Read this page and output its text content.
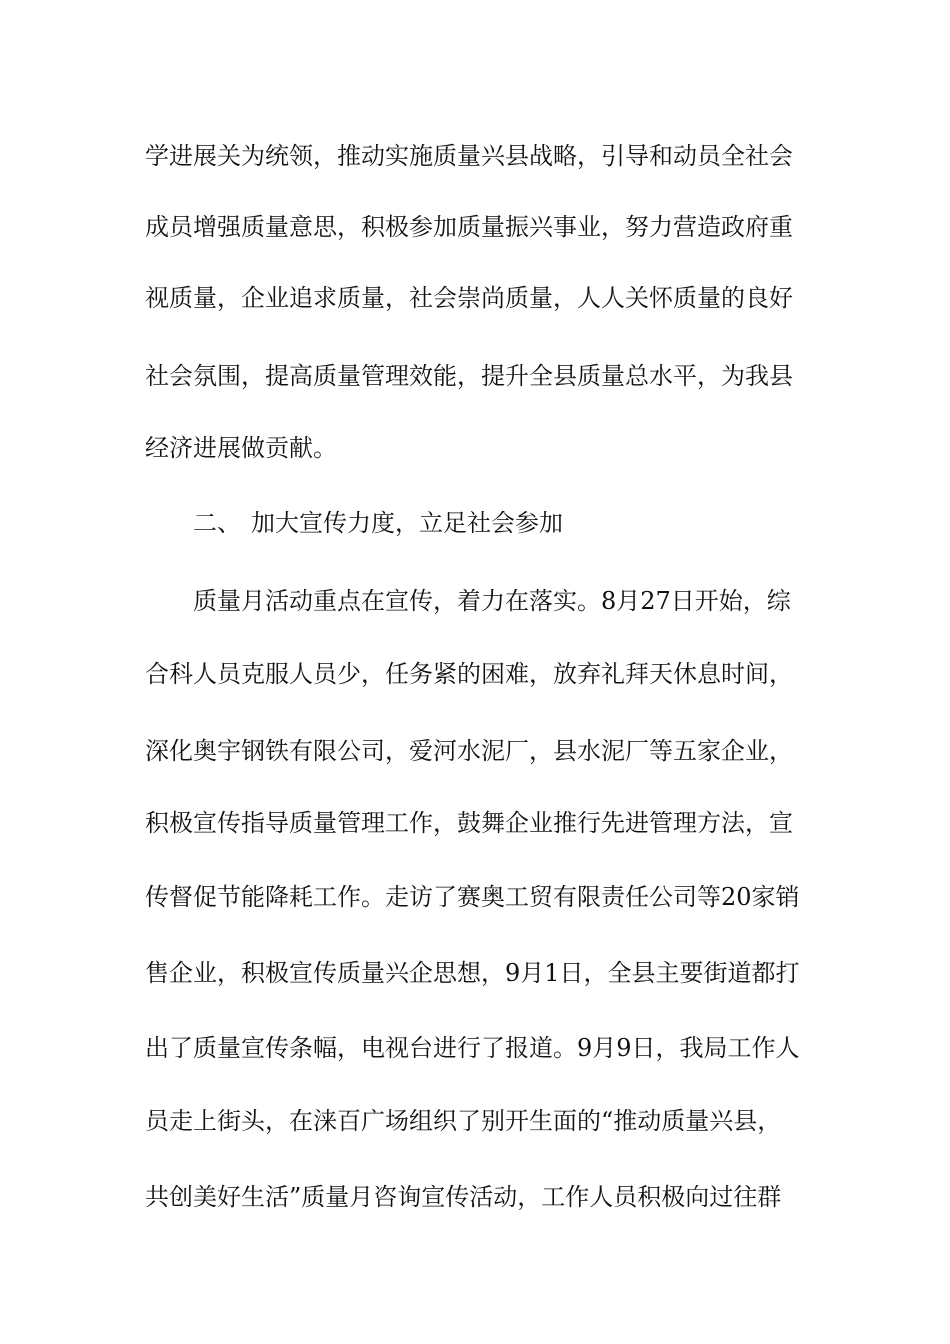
学进展关为统领，推动实施质量兴县战略，引导和动员全社会
成员增强质量意思，积极参加质量振兴事业，努力营造政府重
视质量，企业追求质量，社会崇尚质量，人人关怀质量的良好
社会氛围，提高质量管理效能，提升全县质量总水平，为我县
经济进展做贡献。
二、 加大宣传力度，立足社会参加
质量月活动重点在宣传，着力在落实。8月27日开始，综
合科人员克服人员少，任务紧的困难，放弃礼拜天休息时间，
深化奥宇钢铁有限公司，爱河水泥厂，县水泥厂等五家企业，
积极宣传指导质量管理工作，鼓舞企业推行先进管理方法，宣
传督促节能降耗工作。走访了赛奥工贸有限责任公司等20家销
售企业，积极宣传质量兴企思想，9月1日，全县主要街道都打
出了质量宣传条幅，电视台进行了报道。9月9日，我局工作人
员走上街头，在涞百广场组织了别开生面的“推动质量兴县，
共创美好生活”质量月咨询宣传活动，工作人员积极向过往群
